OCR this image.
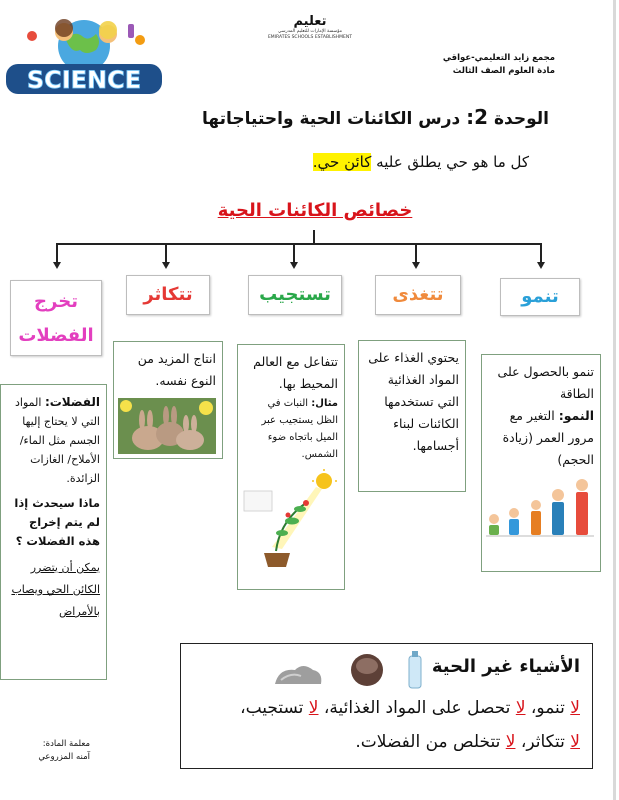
مجمع زايد التعليمي-عواقي
مادة العلوم الصف الثالث
تعليم
مؤسسة الإمارات للتعليم المدرسي
EMIRATES SCHOOLS ESTABLISHMENT
SCIENCE
الوحدة 2: درس الكائنات الحية واحتياجاتها
كل ما هو حي يطلق عليه كائن حي.
خصائص الكائنات الحية
تنمو
تتغذى
تستجيب
تتكاثر
تخرج الفضلات
تنمو بالحصول على الطاقة
النمو: التغير مع مرور العمر (زيادة الحجم)
يحتوي الغذاء على المواد الغذائية التي تستخدمها الكائنات لبناء أجسامها.
تتفاعل مع العالم المحيط بها.
مثال: النبات في الظل يستجيب عبر الميل باتجاه ضوء الشمس.
انتاج المزيد من النوع نفسه.
الفضلات: المواد التي لا يحتاج إليها الجسم مثل الماء/الأملاح/ الغازات الزائدة.
ماذا سيحدث إذا لم يتم إخراج هذه الفضلات ؟
يمكن أن يتضرر الكائن الحي ويصاب بالأمراض
الأشياء غير الحية
لا تنمو، لا تحصل على المواد الغذائية، لا تستجيب،
لا تتكاثر، لا تتخلص من الفضلات.
معلمة المادة:
آمنه المزروعي
